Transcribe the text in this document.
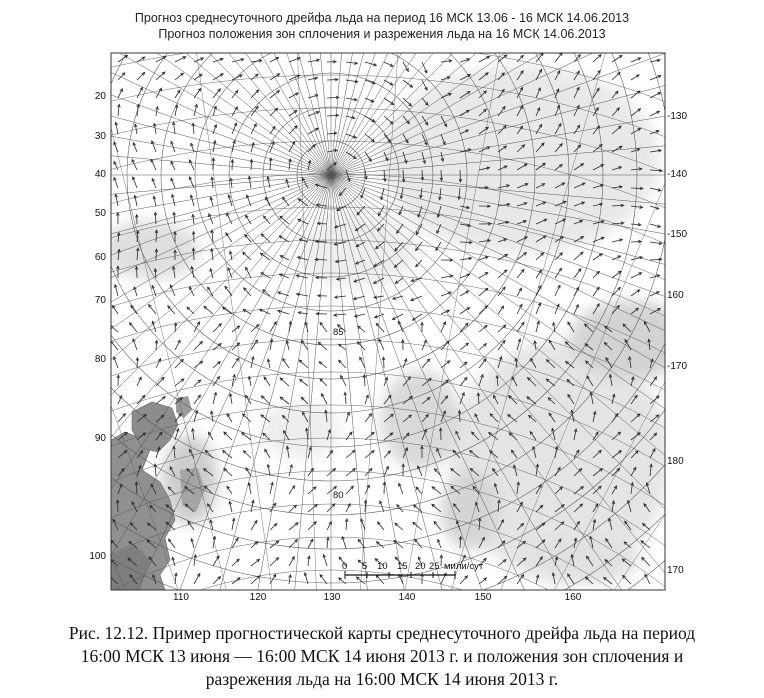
Прогноз среднесуточного дрейфа льда на период 16 МСК 13.06 - 16 МСК 14.06.2013
Прогноз положения зон сплочения и разрежения льда на 16 МСК 14.06.2013
85
80
0 5 10 15 20 25 мили/сут
20
30
40
50
60
70
80
90
100
-130
-140
-150
160
-170
180
170
110	120	130	140	150	160
Рис. 12.12. Пример прогностической карты среднесуточного дрейфа льда на период
16:00 МСК 13 июня — 16:00 МСК 14 июня 2013 г. и положения зон сплочения и
разрежения льда на 16:00 МСК 14 июня 2013 г.
